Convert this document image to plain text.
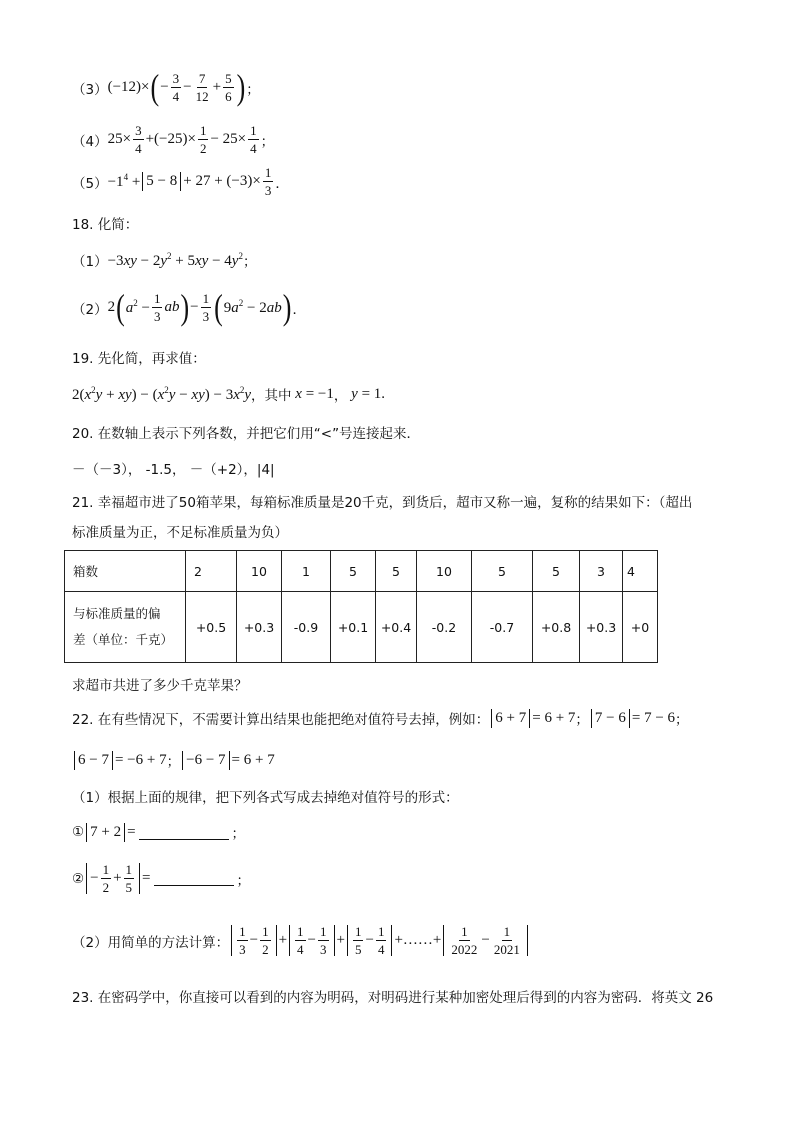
（3） (−12)× ( − $\frac{3}{4} - \frac{7}{12} + \frac{5}{6}$ ) ；
（4） $25\times \frac{3}{4} +(-25)\times \frac{1}{2} - 25\times \frac{1}{4}$ ；
$(5) -1^4 + 5 - 8 + 27 + (-3)\times \frac{1}{3}$ ．
18. 化简：
$(1) -3xy - 2y^2 + 5xy - 4y^2$ ；
（2） 2 ( $a^2 - \frac{1}{3}$ ab ) − $\frac{1}{3}$ ( $9a^2 - 2ab$ ) ．
19. 先化简，再求值：
$2(x^2y + xy) - (x^2y - xy) - 3x^2y$ ，其中 x = −1 ， y = 1.
20. 在数轴上表示下列各数，并把它们用“<”号连接起来．
－（－3）， -1.5， －（+2），|4|
21. 幸福超市进了50箱苹果，每箱标准质量是20千克，到货后，超市又称一遍，复称的结果如下：（超出
标准质量为正，不足标准质量为负）
箱数	2	10	1	5	5	10	5	5	3	4

与标准质量的偏
差（单位：千克）	+0.5	+0.3	-0.9	+0.1	+0.4	-0.2	-0.7	+0.8	+0.3	+0
求超市共进了多少千克苹果？
22. 在有些情况下，不需要计算出结果也能把绝对值符号去掉，例如： 6 + 7 = 6 + 7 ； 7 − 6 = 7 − 6 ；
6 − 7 = −6 + 7 ； −6 − 7 = 6 + 7
（1）根据上面的规律，把下列各式写成去掉绝对值符号的形式：
① 7 + 2 =	；
② − $\frac{1}{2} + \frac{1}{5}$ =	；
（2）用简单的方法计算： $\frac{1}{3} - \frac{1}{2} + \frac{1}{4} - \frac{1}{3} + \frac{1}{5} - \frac{1}{4}$ +……+ $\frac{1}{2022} - \frac{1}{2021}$
23. 在密码学中，你直接可以看到的内容为明码，对明码进行某种加密处理后得到的内容为密码．将英文 26
